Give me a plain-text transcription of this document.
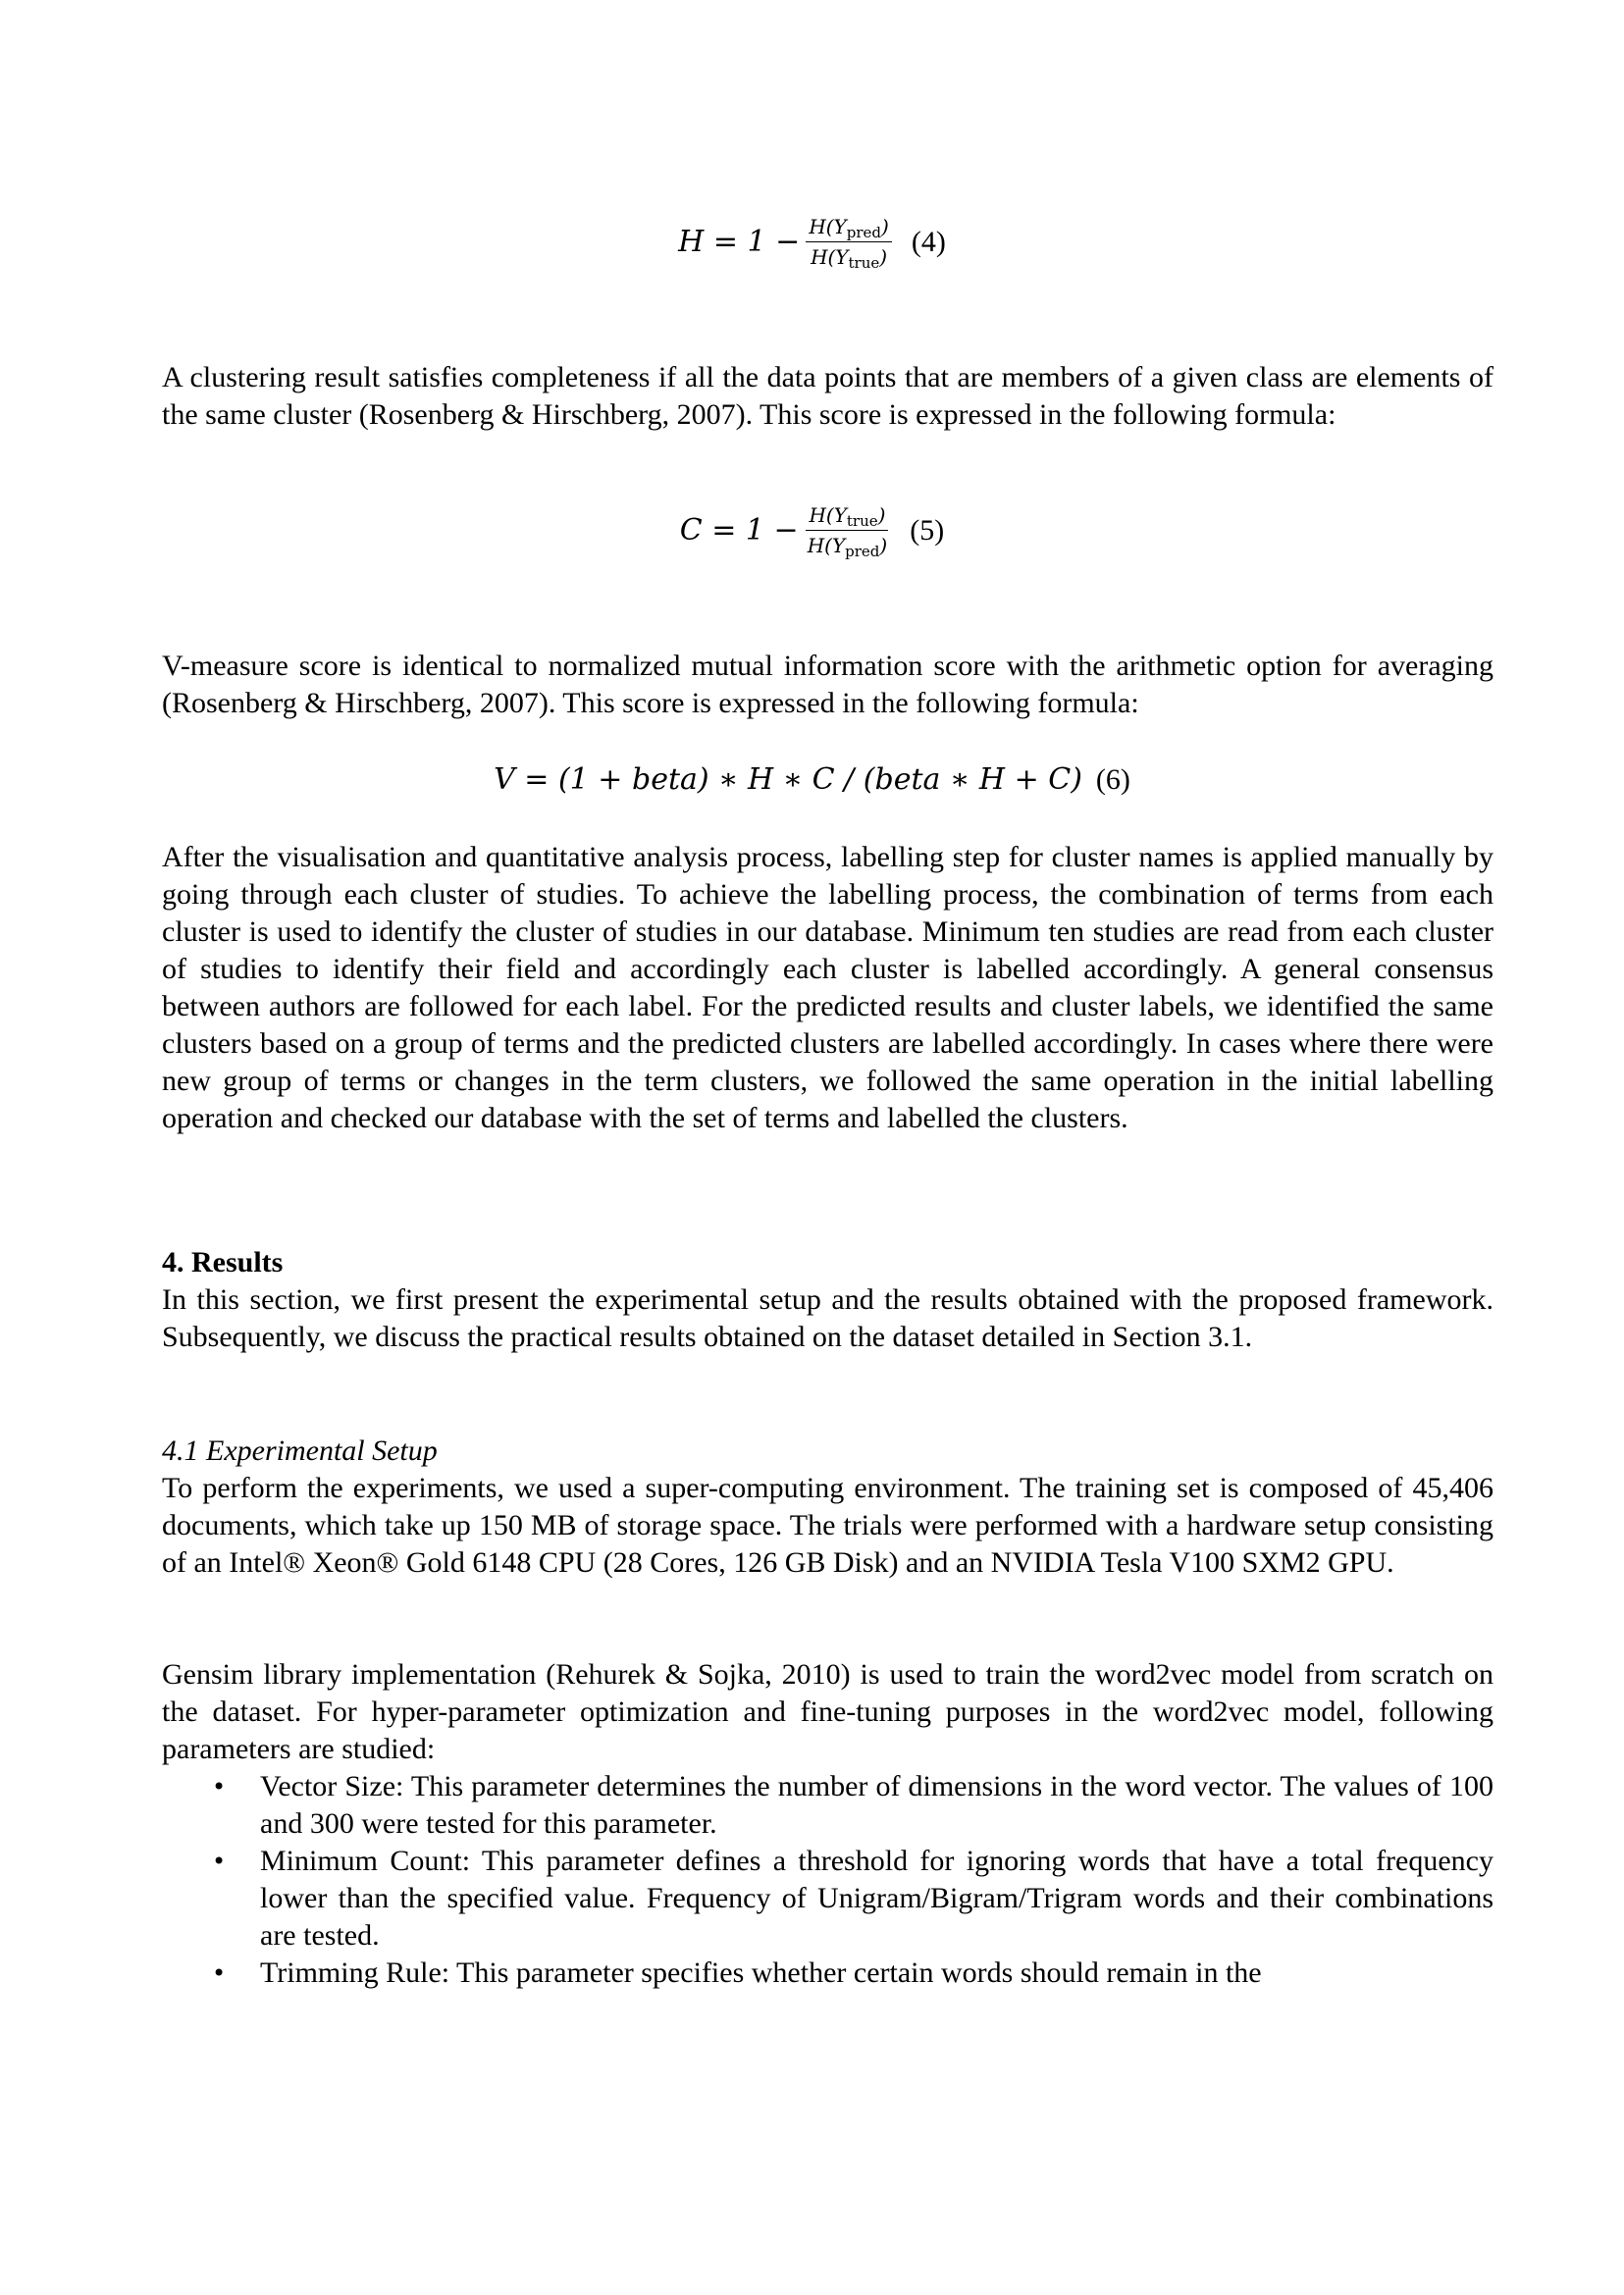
$H = 1 - \frac{H(Y_{pred})}{H(Y_{true})} (4)$

A clustering result satisfies completeness if all the data points that are members of a given class are elements of the same cluster (Rosenberg & Hirschberg, 2007). This score is expressed in the following formula:

$C = 1 - \frac{H(Y_{true})}{H(Y_{pred})} (5)$

V-measure score is identical to normalized mutual information score with the arithmetic option for averaging (Rosenberg & Hirschberg, 2007). This score is expressed in the following formula:

V = (1 + beta) ∗ H ∗ C / (beta ∗ H + C) (6)

After the visualisation and quantitative analysis process, labelling step for cluster names is applied manually by going through each cluster of studies. To achieve the labelling process, the combination of terms from each cluster is used to identify the cluster of studies in our database. Minimum ten studies are read from each cluster of studies to identify their field and accordingly each cluster is labelled accordingly. A general consensus between authors are followed for each label. For the predicted results and cluster labels, we identified the same clusters based on a group of terms and the predicted clusters are labelled accordingly. In cases where there were new group of terms or changes in the term clusters, we followed the same operation in the initial labelling operation and checked our database with the set of terms and labelled the clusters.

4. Results

In this section, we first present the experimental setup and the results obtained with the proposed framework. Subsequently, we discuss the practical results obtained on the dataset detailed in Section 3.1.

4.1 Experimental Setup

To perform the experiments, we used a super-computing environment. The training set is composed of 45,406 documents, which take up 150 MB of storage space. The trials were performed with a hardware setup consisting of an Intel® Xeon® Gold 6148 CPU (28 Cores, 126 GB Disk) and an NVIDIA Tesla V100 SXM2 GPU.

Gensim library implementation (Rehurek & Sojka, 2010) is used to train the word2vec model from scratch on the dataset. For hyper-parameter optimization and fine-tuning purposes in the word2vec model, following parameters are studied:

• Vector Size: This parameter determines the number of dimensions in the word vector. The values of 100 and 300 were tested for this parameter.
• Minimum Count: This parameter defines a threshold for ignoring words that have a total frequency lower than the specified value. Frequency of Unigram/Bigram/Trigram words and their combinations are tested.
• Trimming Rule: This parameter specifies whether certain words should remain in the
